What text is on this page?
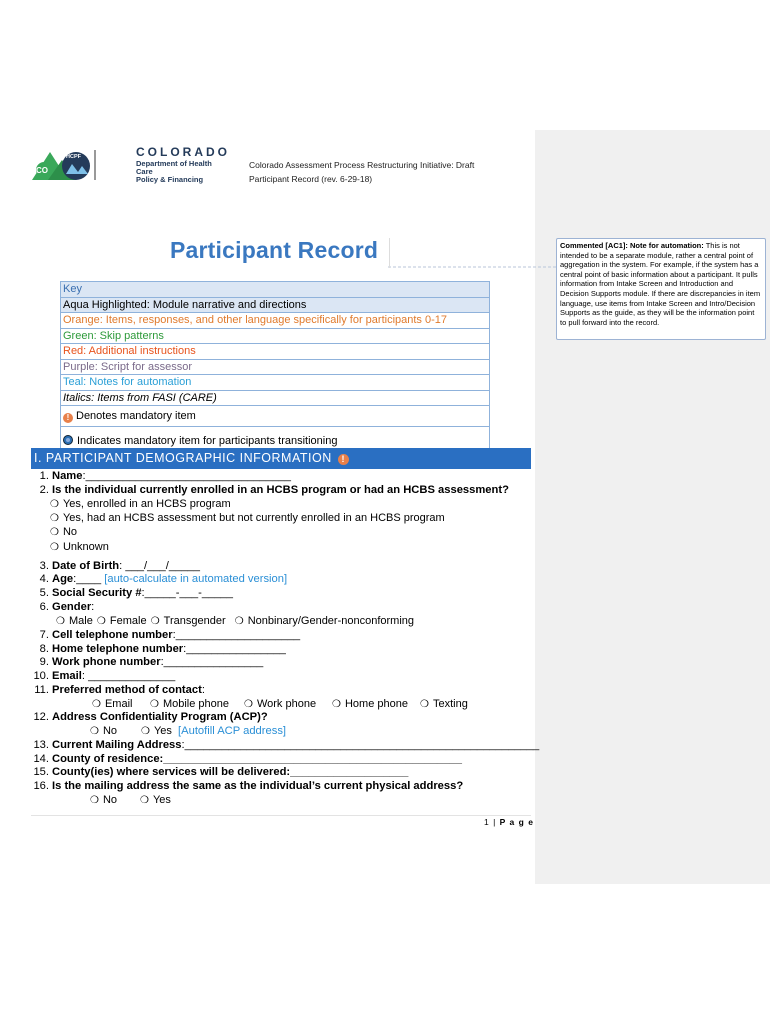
Commented [AC1]: Note for automation: This is not intended to be a separate module, rather a central point of aggregation in the system. For example, if the system has a central point of basic information about a participant. It pulls information from Intake Screen and Introduction and Decision Supports module. If there are discrepancies in item language, use items from Intake Screen and Intro/Decision Supports as the guide, as they will be the information point to pull forward into the record.
CO
HCPF	COLORADO
Department of Health Care
Policy & Financing
Colorado Assessment Process Restructuring Initiative: Draft
Participant Record (rev. 6-29-18)
Participant Record
Key
Aqua Highlighted: Module narrative and directions
Orange: Items, responses, and other language specifically for participants 0-17
Green: Skip patterns
Red: Additional instructions
Purple: Script for assessor
Teal: Notes for automation
Italics: Items from FASI (CARE)
! Denotes mandatory item
Indicates mandatory item for participants transitioning
I. PARTICIPANT DEMOGRAPHIC INFORMATION !
1. Name:_________________________________
2. Is the individual currently enrolled in an HCBS program or had an HCBS assessment?
❍ Yes, enrolled in an HCBS program
❍ Yes, had an HCBS assessment but not currently enrolled in an HCBS program
❍ No
❍ Unknown
3. Date of Birth: ___/___/_____
4. Age:____ [auto-calculate in automated version]
5. Social Security #:_____-___-_____
6. Gender:
❍ Male ❍ Female ❍ Transgender ❍ Nonbinary/Gender-nonconforming
7. Cell telephone number:____________________
8. Home telephone number:________________
9. Work phone number:________________
10. Email: ______________
11. Preferred method of contact:
❍ Email	❍ Mobile phone	❍ Work phone	❍ Home phone	❍ Texting
12. Address Confidentiality Program (ACP)?
❍ No	❍ Yes [Autofill ACP address]
13. Current Mailing Address:_________________________________________________________
14. County of residence:________________________________________________
15. County(ies) where services will be delivered:___________________
16. Is the mailing address the same as the individual’s current physical address?
❍ No	❍ Yes
1 | P a g e
